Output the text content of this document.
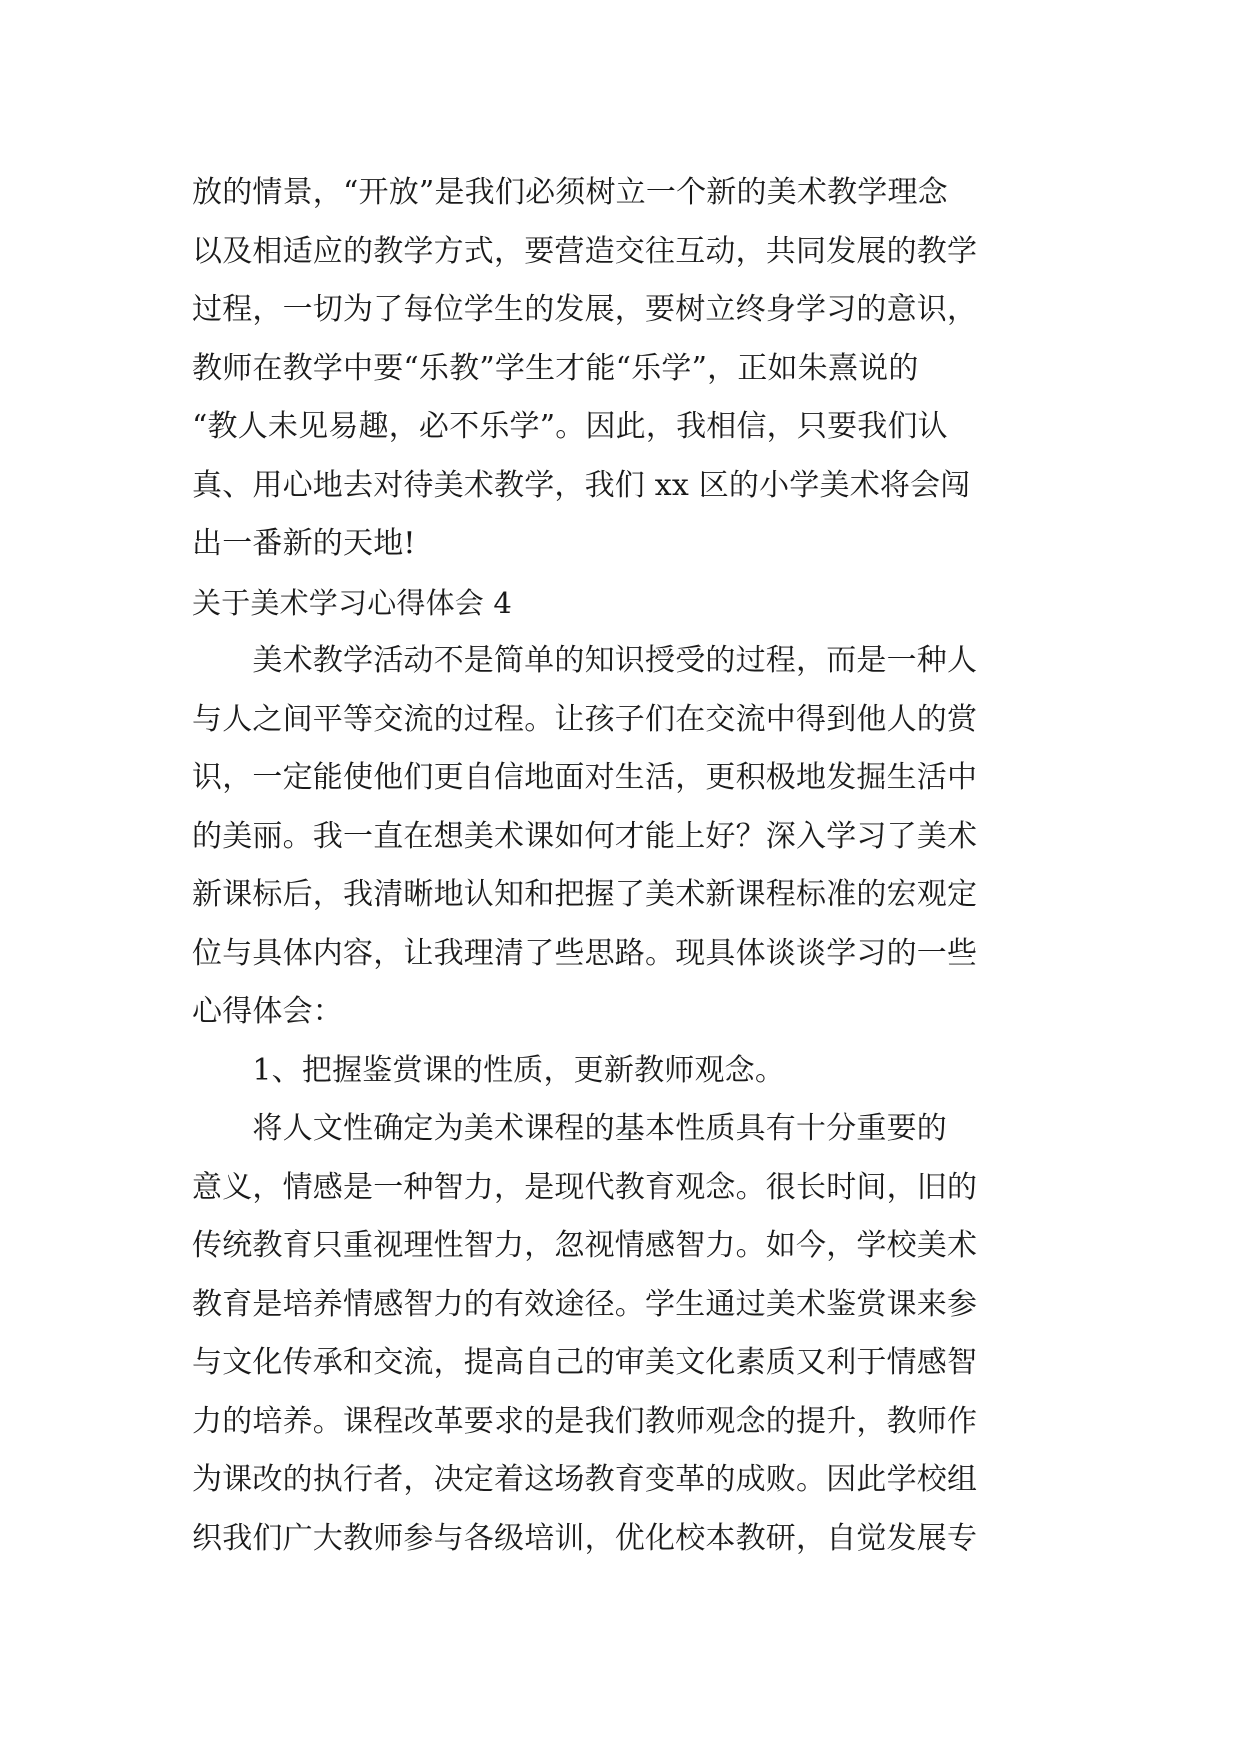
放的情景，“开放”是我们必须树立一个新的美术教学理念
以及相适应的教学方式，要营造交往互动，共同发展的教学
过程，一切为了每位学生的发展，要树立终身学习的意识，
教师在教学中要“乐教”学生才能“乐学”，正如朱熹说的
“教人未见易趣，必不乐学”。因此，我相信，只要我们认
真、用心地去对待美术教学，我们 xx 区的小学美术将会闯
出一番新的天地!
关于美术学习心得体会 4
　　美术教学活动不是简单的知识授受的过程，而是一种人
与人之间平等交流的过程。让孩子们在交流中得到他人的赏
识，一定能使他们更自信地面对生活，更积极地发掘生活中
的美丽。我一直在想美术课如何才能上好？深入学习了美术
新课标后，我清晰地认知和把握了美术新课程标准的宏观定
位与具体内容，让我理清了些思路。现具体谈谈学习的一些
心得体会：
　　1、把握鉴赏课的性质，更新教师观念。
　　将人文性确定为美术课程的基本性质具有十分重要的
意义，情感是一种智力，是现代教育观念。很长时间，旧的
传统教育只重视理性智力，忽视情感智力。如今，学校美术
教育是培养情感智力的有效途径。学生通过美术鉴赏课来参
与文化传承和交流，提高自己的审美文化素质又利于情感智
力的培养。课程改革要求的是我们教师观念的提升，教师作
为课改的执行者，决定着这场教育变革的成败。因此学校组
织我们广大教师参与各级培训，优化校本教研，自觉发展专
